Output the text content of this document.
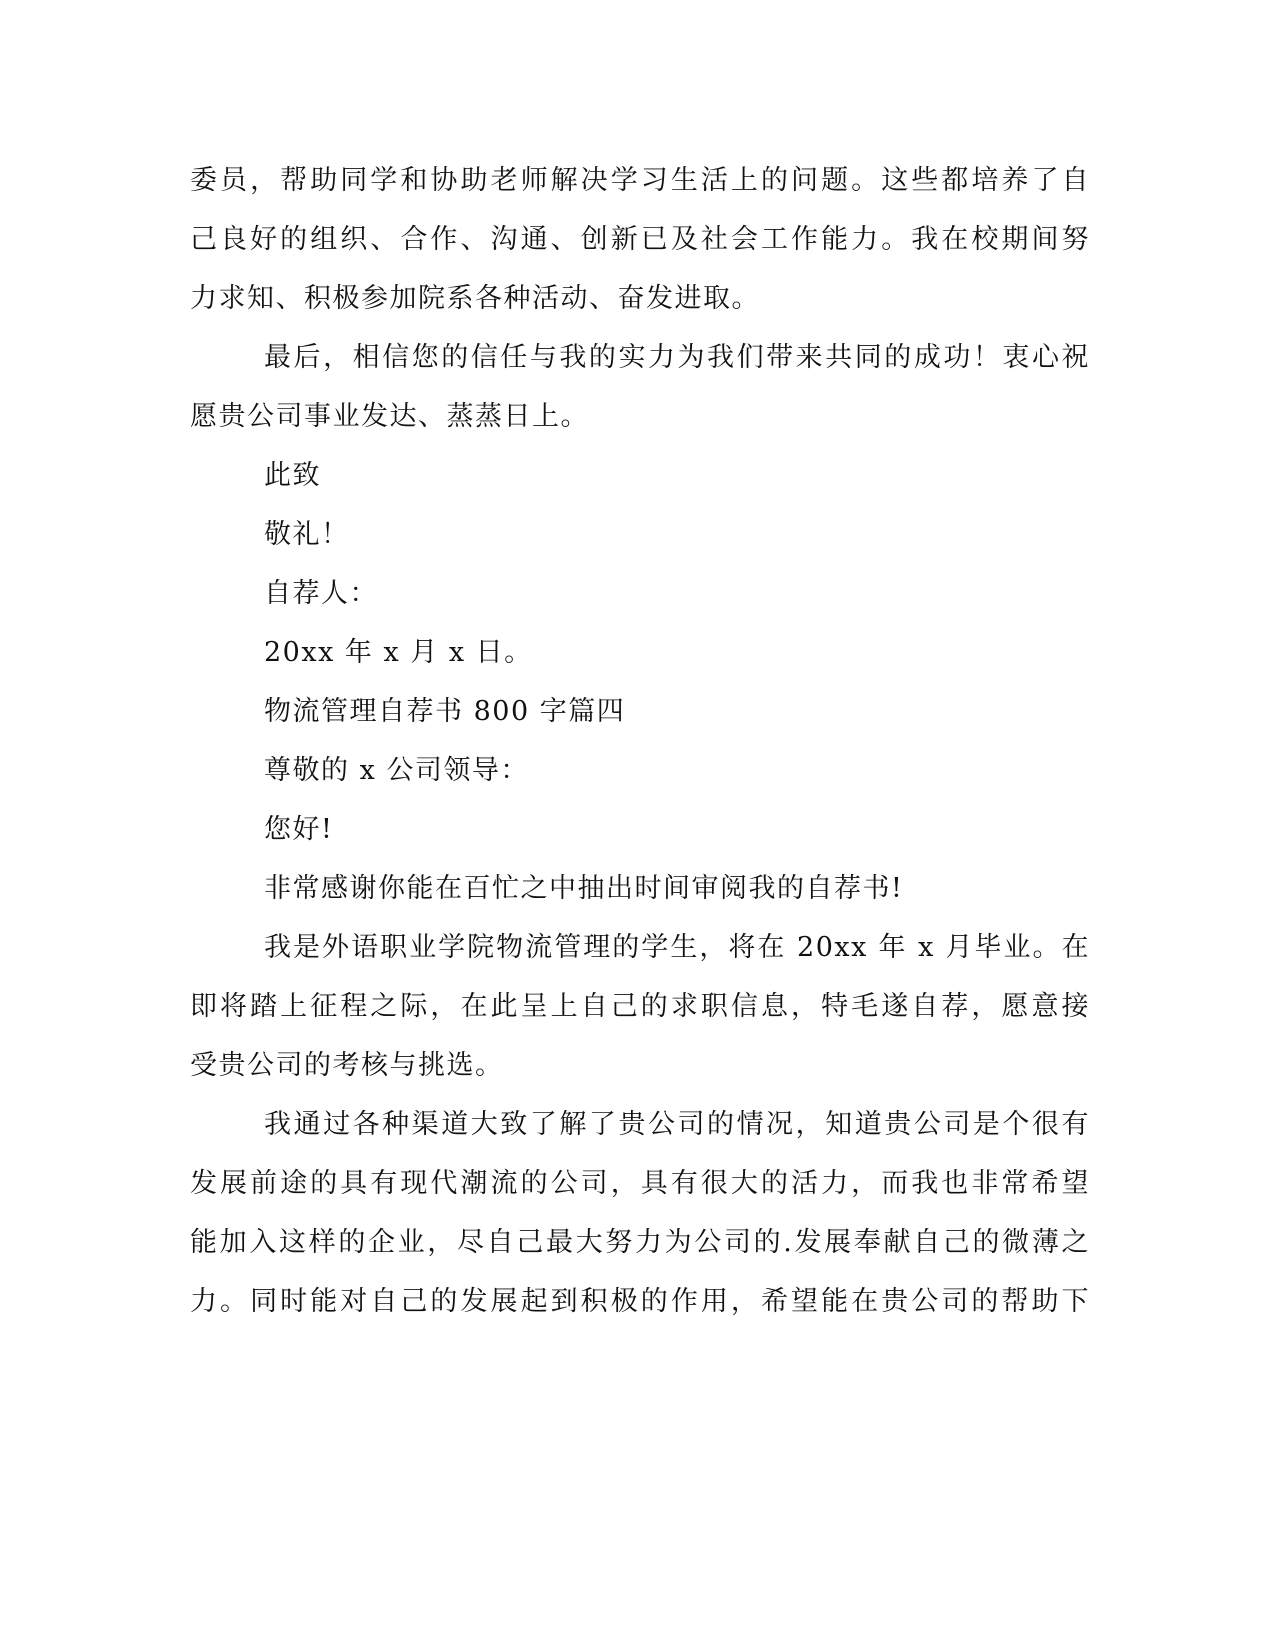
委员，帮助同学和协助老师解决学习生活上的问题。这些都培养了自
己良好的组织、合作、沟通、创新已及社会工作能力。我在校期间努
力求知、积极参加院系各种活动、奋发进取。
最后，相信您的信任与我的实力为我们带来共同的成功！衷心祝
愿贵公司事业发达、蒸蒸日上。
此致
敬礼！
自荐人：
20xx 年 x 月 x 日。
物流管理自荐书 800 字篇四
尊敬的 x 公司领导：
您好!
非常感谢你能在百忙之中抽出时间审阅我的自荐书!
我是外语职业学院物流管理的学生，将在 20xx 年 x 月毕业。在
即将踏上征程之际，在此呈上自己的求职信息，特毛遂自荐，愿意接
受贵公司的考核与挑选。
我通过各种渠道大致了解了贵公司的情况，知道贵公司是个很有
发展前途的具有现代潮流的公司，具有很大的活力，而我也非常希望
能加入这样的企业，尽自己最大努力为公司的.发展奉献自己的微薄之
力。同时能对自己的发展起到积极的作用，希望能在贵公司的帮助下
